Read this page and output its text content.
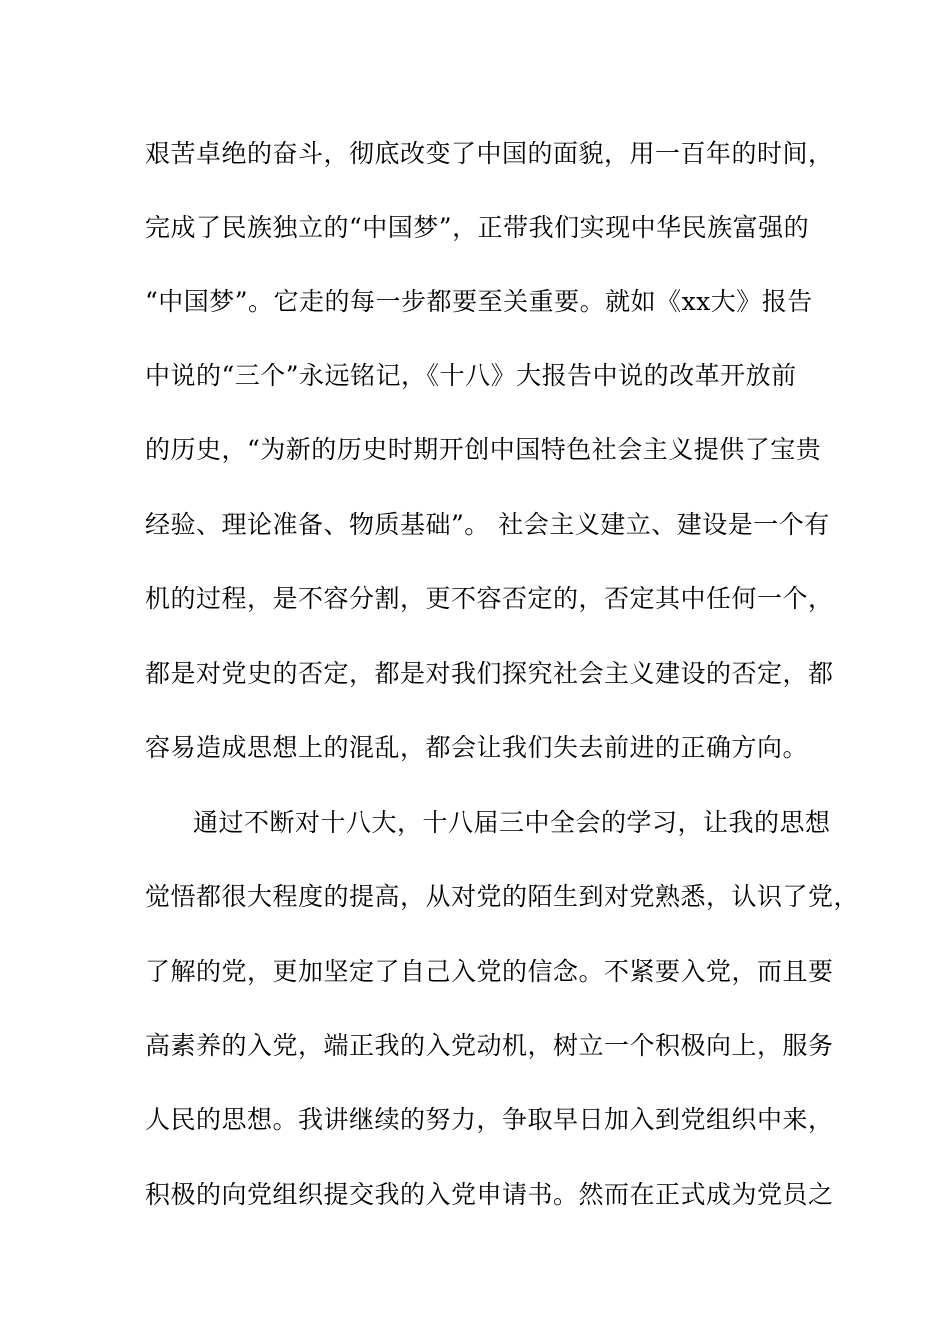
艰苦卓绝的奋斗，彻底改变了中国的面貌，用一百年的时间，
完成了民族独立的“中国梦”，正带我们实现中华民族富强的
“中国梦”。它走的每一步都要至关重要。就如《xx大》报告
中说的“三个”永远铭记，《十八》大报告中说的改革开放前
的历史，“为新的历史时期开创中国特色社会主义提供了宝贵
经验、理论准备、物质基础”。 社会主义建立、建设是一个有
机的过程，是不容分割，更不容否定的，否定其中任何一个，
都是对党史的否定，都是对我们探究社会主义建设的否定，都
容易造成思想上的混乱，都会让我们失去前进的正确方向。
通过不断对十八大，十八届三中全会的学习，让我的思想
觉悟都很大程度的提高，从对党的陌生到对党熟悉，认识了党，
了解的党，更加坚定了自己入党的信念。不紧要入党，而且要
高素养的入党，端正我的入党动机，树立一个积极向上，服务
人民的思想。我讲继续的努力，争取早日加入到党组织中来，
积极的向党组织提交我的入党申请书。然而在正式成为党员之
